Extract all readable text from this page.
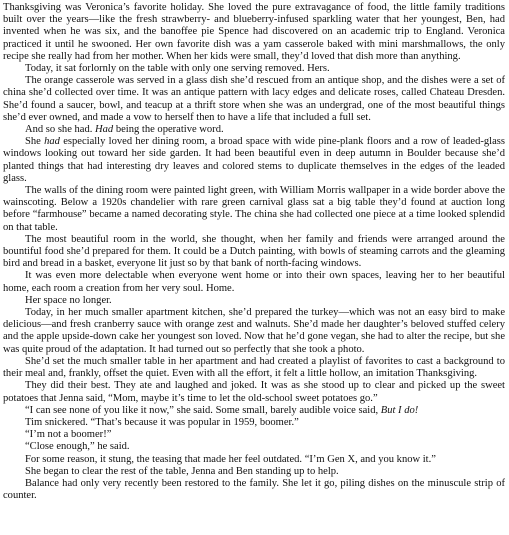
Thanksgiving was Veronica’s favorite holiday. She loved the pure extravagance of food, the little family traditions built over the years—like the fresh strawberry- and blueberry-infused sparkling water that her youngest, Ben, had invented when he was six, and the banoffee pie Spence had discovered on an academic trip to England. Veronica practiced it until he swooned. Her own favorite dish was a yam casserole baked with mini marshmallows, the only recipe she really had from her mother. When her kids were small, they’d loved that dish more than anything.

Today, it sat forlornly on the table with only one serving removed. Hers.

The orange casserole was served in a glass dish she’d rescued from an antique shop, and the dishes were a set of china she’d collected over time. It was an antique pattern with lacy edges and delicate roses, called Chateau Dresden. She’d found a saucer, bowl, and teacup at a thrift store when she was an undergrad, one of the most beautiful things she’d ever owned, and made a vow to herself then to have a life that included a full set.

And so she had. Had being the operative word.

She had especially loved her dining room, a broad space with wide pine-plank floors and a row of leaded-glass windows looking out toward her side garden. It had been beautiful even in deep autumn in Boulder because she’d planted things that had interesting dry leaves and colored stems to duplicate themselves in the edges of the leaded glass.

The walls of the dining room were painted light green, with William Morris wallpaper in a wide border above the wainscoting. Below a 1920s chandelier with rare green carnival glass sat a big table they’d found at auction long before “farmhouse” became a named decorating style. The china she had collected one piece at a time looked splendid on that table.

The most beautiful room in the world, she thought, when her family and friends were arranged around the bountiful food she’d prepared for them. It could be a Dutch painting, with bowls of steaming carrots and the gleaming bird and bread in a basket, everyone lit just so by that bank of north-facing windows.

It was even more delectable when everyone went home or into their own spaces, leaving her to her beautiful home, each room a creation from her very soul. Home.

Her space no longer.

Today, in her much smaller apartment kitchen, she’d prepared the turkey—which was not an easy bird to make delicious—and fresh cranberry sauce with orange zest and walnuts. She’d made her daughter’s beloved stuffed celery and the apple upside-down cake her youngest son loved. Now that he’d gone vegan, she had to alter the recipe, but she was quite proud of the adaptation. It had turned out so perfectly that she took a photo.

She’d set the much smaller table in her apartment and had created a playlist of favorites to cast a background to their meal and, frankly, offset the quiet. Even with all the effort, it felt a little hollow, an imitation Thanksgiving.

They did their best. They ate and laughed and joked. It was as she stood up to clear and picked up the sweet potatoes that Jenna said, “Mom, maybe it’s time to let the old-school sweet potatoes go.”

“I can see none of you like it now,” she said. Some small, barely audible voice said, But I do!

Tim snickered. “That’s because it was popular in 1959, boomer.”

“I’m not a boomer!”

“Close enough,” he said.

For some reason, it stung, the teasing that made her feel outdated. “I’m Gen X, and you know it.”

She began to clear the rest of the table, Jenna and Ben standing up to help.

Balance had only very recently been restored to the family. She let it go, piling dishes on the minuscule strip of counter.
